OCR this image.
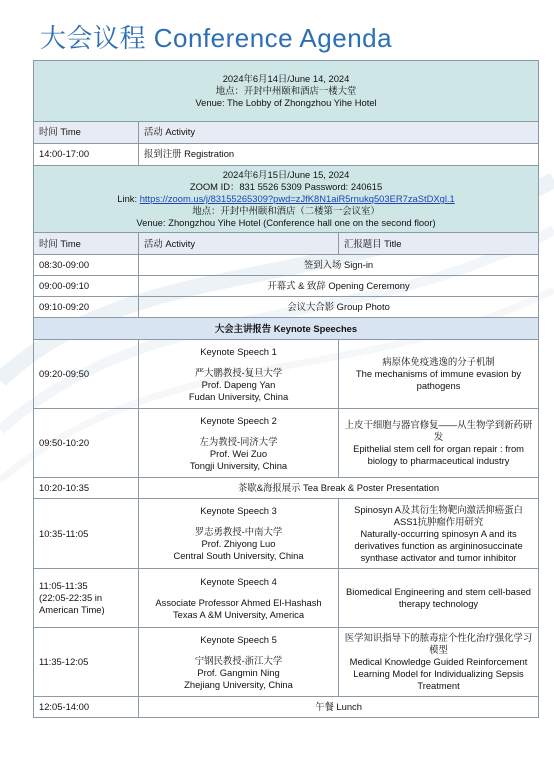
大会议程 Conference Agenda
2024年6月14日/June 14, 2024
地点：开封中州颐和酒店一楼大堂
Venue: The Lobby of Zhongzhou Yihe Hotel		

时间 Time	活动 Activity	
14:00-17:00	报到注册 Registration	

2024年6月15日/June 15, 2024
ZOOM ID：831 5526 5309 Password: 240615
Link: https://zoom.us/j/83155265309?pwd=zJfK8N1aiR5rnukq503ER7zaStDXgl.1
地点：开封中州颐和酒店（二楼第一会议室）
Venue: Zhongzhou Yihe Hotel (Conference hall one on the second floor)		

时间 Time	活动 Activity	汇报题目 Title
08:30-09:00	签到入场 Sign-in	
09:00-09:10	开幕式 & 致辞 Opening Ceremony	
09:10-09:20	会议大合影 Group Photo	
大会主讲报告 Keynote Speeches		
09:20-09:50	Keynote Speech 1
严大鹏教授-复旦大学
Prof. Dapeng Yan
Fudan University, China	病原体免疫逃逸的分子机制
The mechanisms of immune evasion by pathogens

09:50-10:20	Keynote Speech 2
左为教授-同济大学
Prof. Wei Zuo
Tongji University, China	上皮干细胞与器官修复——从生物学到新药研发
Epithelial stem cell for organ repair : from biology to pharmaceutical industry

10:20-10:35	茶歇&海报展示 Tea Break & Poster Presentation	
10:35-11:05	Keynote Speech 3
罗志勇教授-中南大学
Prof. Zhiyong Luo
Central South University, China	Spinosyn A及其衍生物靶向激活抑癌蛋白ASS1抗肿瘤作用研究
Naturally-occurring spinosyn A and its derivatives function as argininosuccinate synthase activator and tumor inhibitor

11:05-11:35
(22:05-22:35 in American Time)	Keynote Speech 4
Associate Professor Ahmed El-Hashash
Texas A &M University, America	Biomedical Engineering and stem cell-based therapy technology

11:35-12:05	Keynote Speech 5
宁钢民教授-浙江大学
Prof. Gangmin Ning
Zhejiang University, China	医学知识指导下的脓毒症个性化治疗强化学习模型
Medical Knowledge Guided Reinforcement Learning Model for Individualizing Sepsis Treatment

12:05-14:00	午餐 Lunch	
